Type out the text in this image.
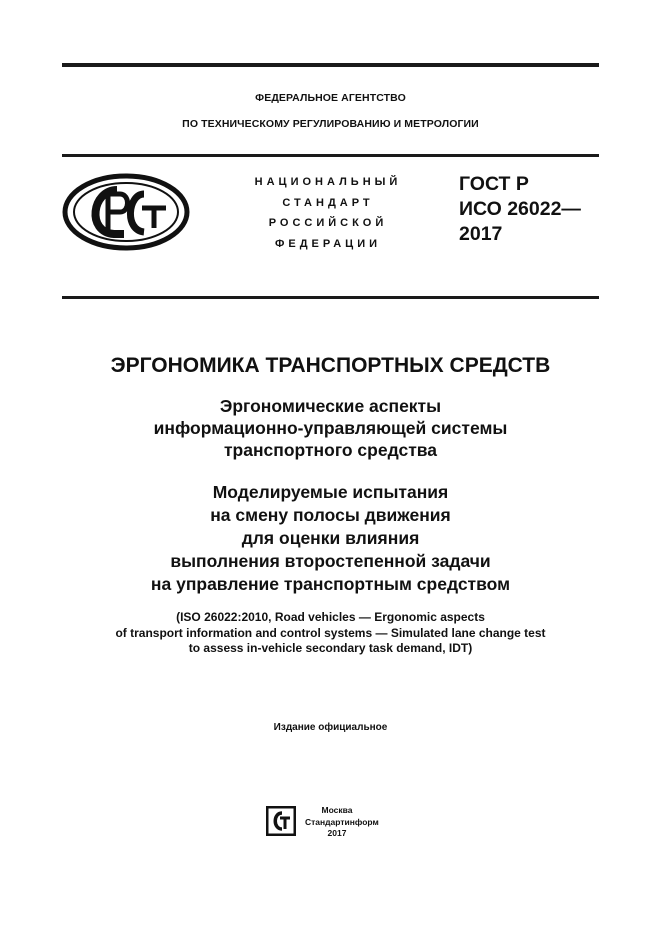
ФЕДЕРАЛЬНОЕ АГЕНТСТВО
ПО ТЕХНИЧЕСКОМУ РЕГУЛИРОВАНИЮ И МЕТРОЛОГИИ
НАЦИОНАЛЬНЫЙ
СТАНДАРТ
РОССИЙСКОЙ
ФЕДЕРАЦИИ
ГОСТ Р
ИСО 26022—
2017
ЭРГОНОМИКА ТРАНСПОРТНЫХ СРЕДСТВ
Эргономические аспекты
информационно-управляющей системы
транспортного средства
Моделируемые испытания
на смену полосы движения
для оценки влияния
выполнения второстепенной задачи
на управление транспортным средством
(ISO 26022:2010, Road vehicles — Ergonomic aspects
of transport information and control systems — Simulated lane change test
to assess in-vehicle secondary task demand, IDT)
Издание официальное
Москва
Стандартинформ
2017
